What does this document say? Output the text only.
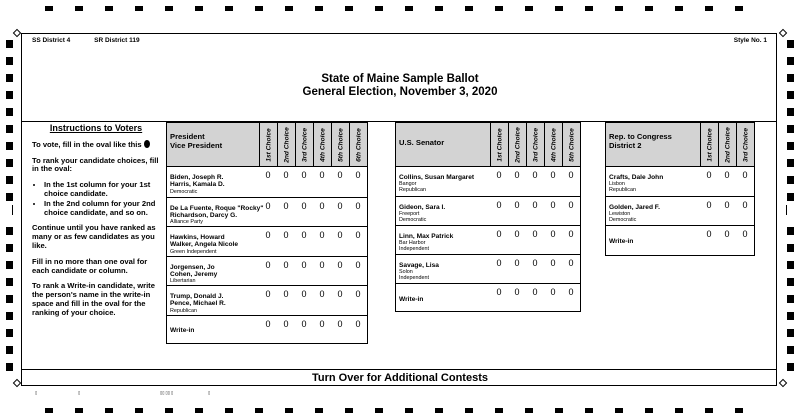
SS District 4	SR District 119	Style No. 1
State of Maine Sample Ballot
General Election, November 3, 2020
Instructions to Voters

To vote, fill in the oval like this

To rank your candidate choices, fill in the oval:

• In the 1st column for your 1st choice candidate.
• In the 2nd column for your 2nd choice candidate, and so on.

Continue until you have ranked as many or as few candidates as you like.

Fill in no more than one oval for each candidate or column.

To rank a Write-in candidate, write the person's name in the write-in space and fill in the oval for the ranking of your choice.

President
Vice President	1st Choice 2nd Choice 3rd Choice 4th Choice 5th Choice 6th Choice
Biden, Joseph R.
Harris, Kamala D.
Democratic
0	0	0	0	0	0
De La Fuente, Roque "Rocky"
Richardson, Darcy G.
Alliance Party
0	0	0	0	0	0
Hawkins, Howard
Walker, Angela Nicole
Green Independent
0	0	0	0	0	0
Jorgensen, Jo
Cohen, Jeremy
Libertarian
0	0	0	0	0	0
Trump, Donald J.
Pence, Michael R.
Republican
0	0	0	0	0	0
Write-in
0	0	0	0	0	0
U.S. Senator	1st Choice 2nd Choice 3rd Choice 4th Choice 5th Choice
Collins, Susan Margaret
Bangor
Republican
0	0	0	0	0
Gideon, Sara I.
Freeport
Democratic
0	0	0	0	0
Linn, Max Patrick
Bar Harbor
Independent
0	0	0	0	0
Savage, Lisa
Solon
Independent
0	0	0	0	0
Write-in
0	0	0	0	0
Rep. to Congress
District 2	1st Choice 2nd Choice 3rd Choice
Crafts, Dale John
Lisbon
Republican
0	0	0
Golden, Jared F.
Lewiston
Democratic
0	0	0
Write-in
0	0	0
Turn Over for Additional Contests
▯	▯	▯▯ ▯▯ ▯	▯
